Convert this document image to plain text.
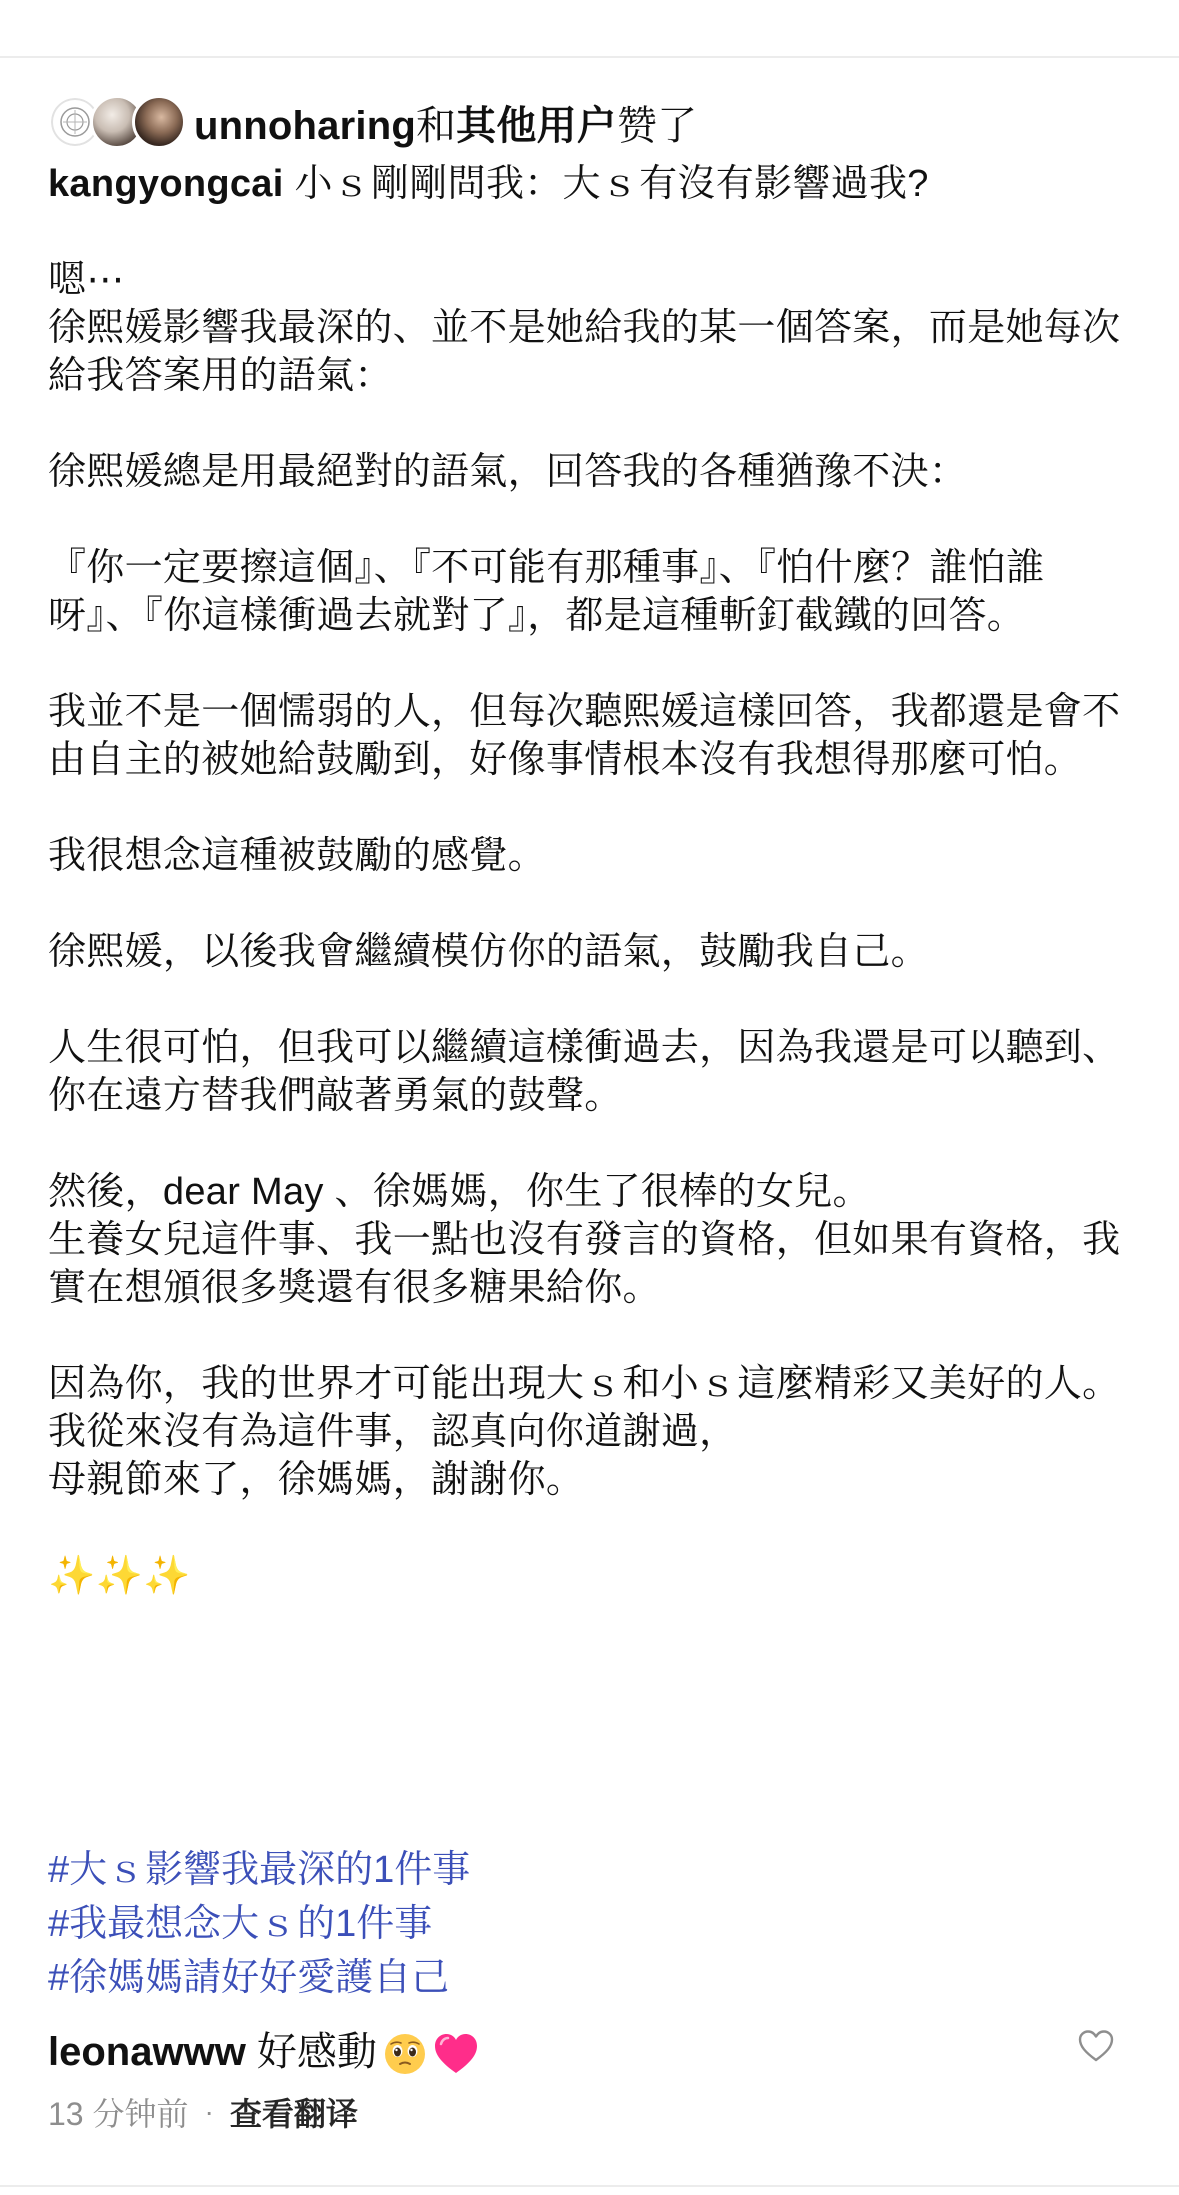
unnoharing和其他用户赞了
kangyongcai 小ｓ剛剛問我：大ｓ有沒有影響過我?

嗯⋯
徐熙媛影響我最深的、並不是她給我的某一個答案，而是她每次給我答案用的語氣：

徐熙媛總是用最絕對的語氣，回答我的各種猶豫不決：

『你一定要擦這個』、『不可能有那種事』、『怕什麼？誰怕誰呀』、『你這樣衝過去就對了』，都是這種斬釘截鐵的回答。

我並不是一個懦弱的人，但每次聽熙媛這樣回答，我都還是會不由自主的被她給鼓勵到，好像事情根本沒有我想得那麼可怕。

我很想念這種被鼓勵的感覺。

徐熙媛，以後我會繼續模仿你的語氣，鼓勵我自己。

人生很可怕，但我可以繼續這樣衝過去，因為我還是可以聽到、你在遠方替我們敲著勇氣的鼓聲。

然後，dear May 、徐媽媽，你生了很棒的女兒。
生養女兒這件事、我一點也沒有發言的資格，但如果有資格，我實在想頒很多獎還有很多糖果給你。

因為你，我的世界才可能出現大ｓ和小ｓ這麼精彩又美好的人。我從來沒有為這件事，認真向你道謝過，
母親節來了，徐媽媽，謝謝你。

✨✨✨

#大ｓ影響我最深的1件事
#我最想念大ｓ的1件事
#徐媽媽請好好愛護自己
leonawww 好感動
13 分钟前 · 查看翻译
